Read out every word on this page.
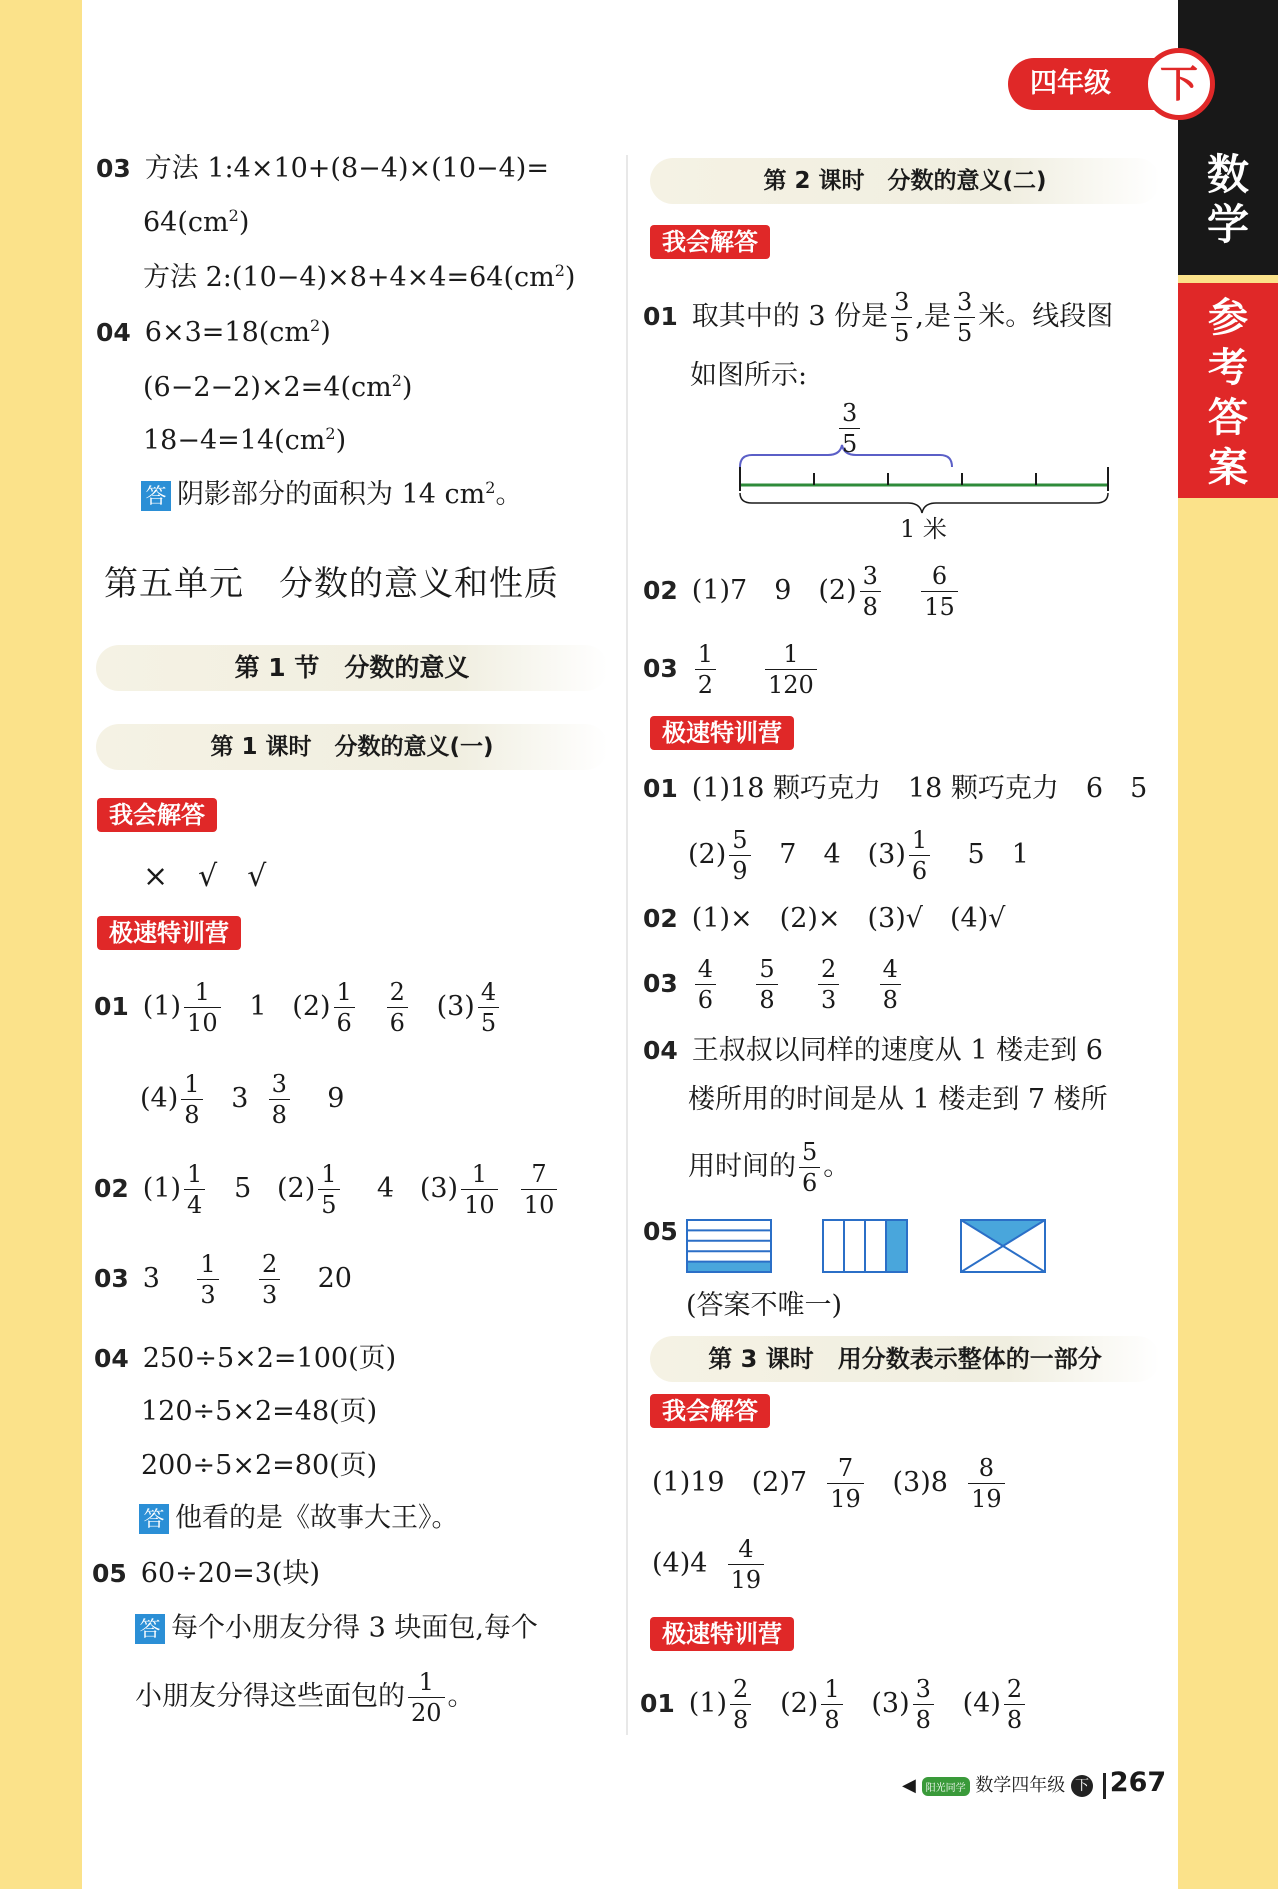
数
学
参
考
答
案
四年级	下
03 方法 1:4×10+(8−4)×(10−4)=
$64(cm^2)$
方法 $2:(10-4)\times 8+4\times 4=64(cm^2)$
04 $6\times 3=18(cm^2)$
$(6-2-2)\times 2=4(cm^2)$
$18-4=14(cm^2)$
答 阴影部分的面积为 14 $cm^2$。
第五单元　分数的意义和性质
第 1 节　分数的意义
第 1 课时　分数的意义(一)
我会解答
×　√　√
极速特训营
01 $(1) \frac{1}{10} 1$ $(2) \frac{1}{6}$
$\frac{2}{6} (3) \frac{4}{5}$
$(4) \frac{1}{8} 3 \frac{3}{8} 9$
02 $(1) \frac{1}{4} 5$ $(2) \frac{1}{5} 4$ $(3) \frac{1}{10}$
$\frac{7}{10}$
03 $3 \frac{1}{3}$
$\frac{2}{3} 20$
04 250÷5×2=100(页)
120÷5×2=48(页)
200÷5×2=80(页)
答 他看的是《故事大王》。
05 60÷20=3(块)
答 每个小朋友分得 3 块面包,每个
小朋友分得这些面包的 $\frac{1}{20}$ 。
第 2 课时　分数的意义(二)
我会解答
01 取其中的 3 份是 $\frac{3}{5}$ ,是 $\frac{3}{5}$ 米。线段图
如图所示:
$\frac{3}{5}$
1 米
02 (1)7　9　$(2) \frac{3}{8}$
$\frac{6}{15}$
$03 \frac{1}{2}$
$\frac{1}{120}$
极速特训营
01 (1)18 颗巧克力　18 颗巧克力　6　5
$(2) \frac{5}{9} 7$　4　$(3) \frac{1}{6} 5$　1
02 (1)×　(2)×　(3)√　(4)√
$03 \frac{4}{6}$
$\frac{5}{8}$
$\frac{2}{3}$
$\frac{4}{8}$
04 王叔叔以同样的速度从 1 楼走到 6
楼所用的时间是从 1 楼走到 7 楼所
用时间的 $\frac{5}{6}$ 。
05
(答案不唯一)
第 3 课时　用分数表示整体的一部分
我会解答
(1)19　$(2)7 \frac{7}{19} (3)8 \frac{8}{19}$
$(4)4 \frac{4}{19}$
极速特训营
01 $(1) \frac{2}{8} (2) \frac{1}{8} (3) \frac{3}{8} (4) \frac{2}{8}$
◀ 阳光同学 数学四年级 下 267
